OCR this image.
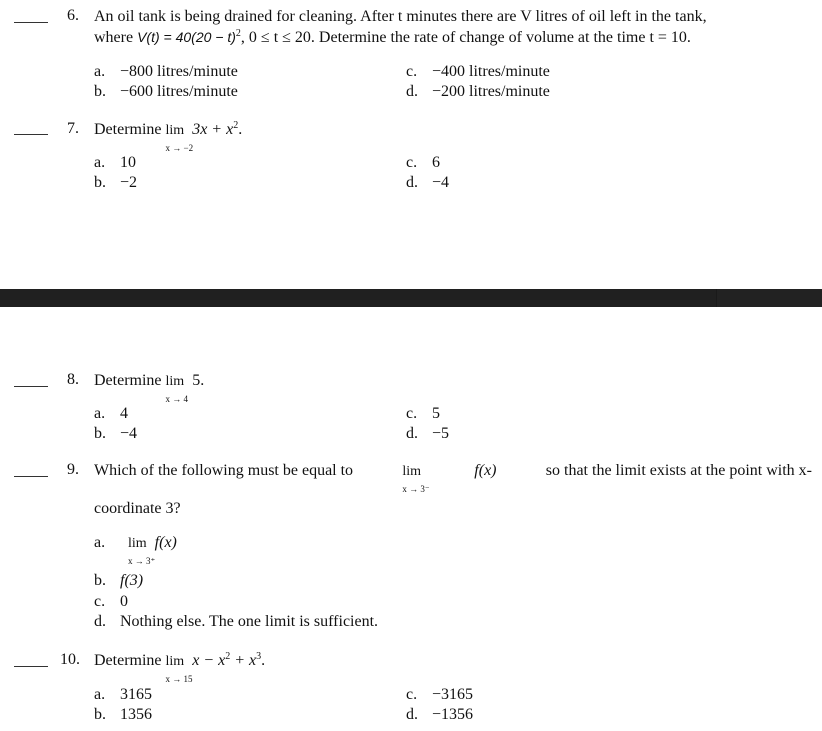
6. An oil tank is being drained for cleaning. After t minutes there are V litres of oil left in the tank,
where $V(t) = 40(20 - t)^2$, 0 ≤ t ≤ 20. Determine the rate of change of volume at the time t = 10.
a. −800 litres/minute
b. −600 litres/minute
c. −400 litres/minute
d. −200 litres/minute
7. Determine lim
x → −2
$3x + x^2$.
a. 10
b. −2
c. 6
d. −4
8. Determine lim
x → 4
5.
a. 4
b. −4
c. 5
d. −5
9. Which of the following must be equal to	lim
x → 3⁻
f(x)	so that the limit exists at the point with x-
coordinate 3?
a. lim
x → 3⁺
f(x)
b. f(3)
c. 0
d. Nothing else. The one limit is sufficient.
10. Determine lim
x → 15
$x - x^2 + x^3$.
a. 3165
b. 1356
c. −3165
d. −1356
